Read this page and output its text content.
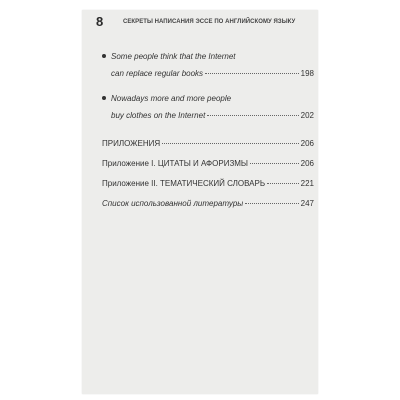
8	СЕКРЕТЫ НАПИСАНИЯ ЭССЕ ПО АНГЛИЙСКОМУ ЯЗЫКУ
Some people think that the Internet
can replace regular books	198
Nowadays more and more people
buy clothes on the Internet	202
ПРИЛОЖЕНИЯ	206
Приложение I. ЦИТАТЫ И АФОРИЗМЫ	206
Приложение II. ТЕМАТИЧЕСКИЙ СЛОВАРЬ	221
Список использованной литературы	247
